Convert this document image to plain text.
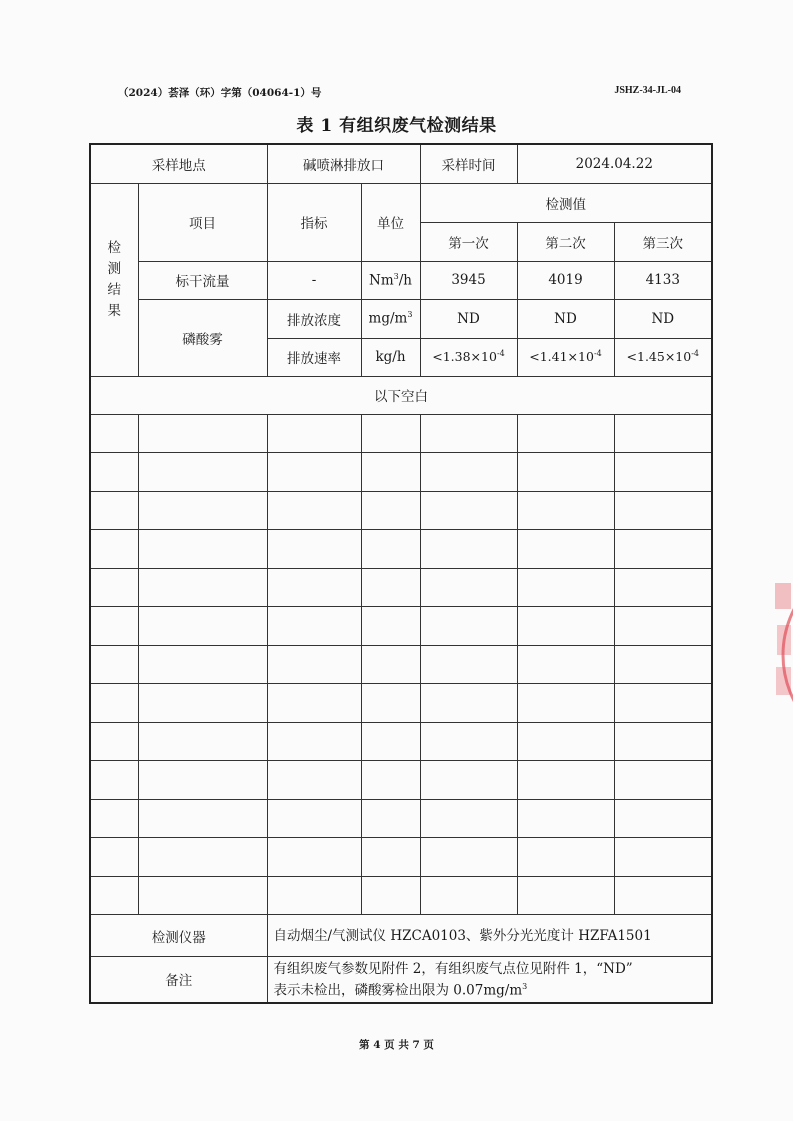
（2024）荟泽（环）字第（04064-1）号	JSHZ-34-JL-04
表 1 有组织废气检测结果
采样地点		碱喷淋排放口		采样时间	2024.04.22	
检
测
结
果	项目	指标	单位	检测值		
				第一次	第二次	第三次
	标干流量	-	Nm$^3$/h	3945	4019	4133
	磷酸雾	排放浓度	$mg/m^3$	ND	ND	ND
		排放速率	kg/h	$<1.38\times 10^{-4}$	$<1.41\times 10^{-4}$	$<1.45\times 10^{-4}$
以下空白						

检测仪器		自动烟尘/气测试仪 HZCA0103、紫外分光光度计 HZFA1501				
备注		有组织废气参数见附件 2，有组织废气点位见附件 1，“ND”
表示未检出，磷酸雾检出限为 $0.07mg/m^3$
第 4 页 共 7 页
